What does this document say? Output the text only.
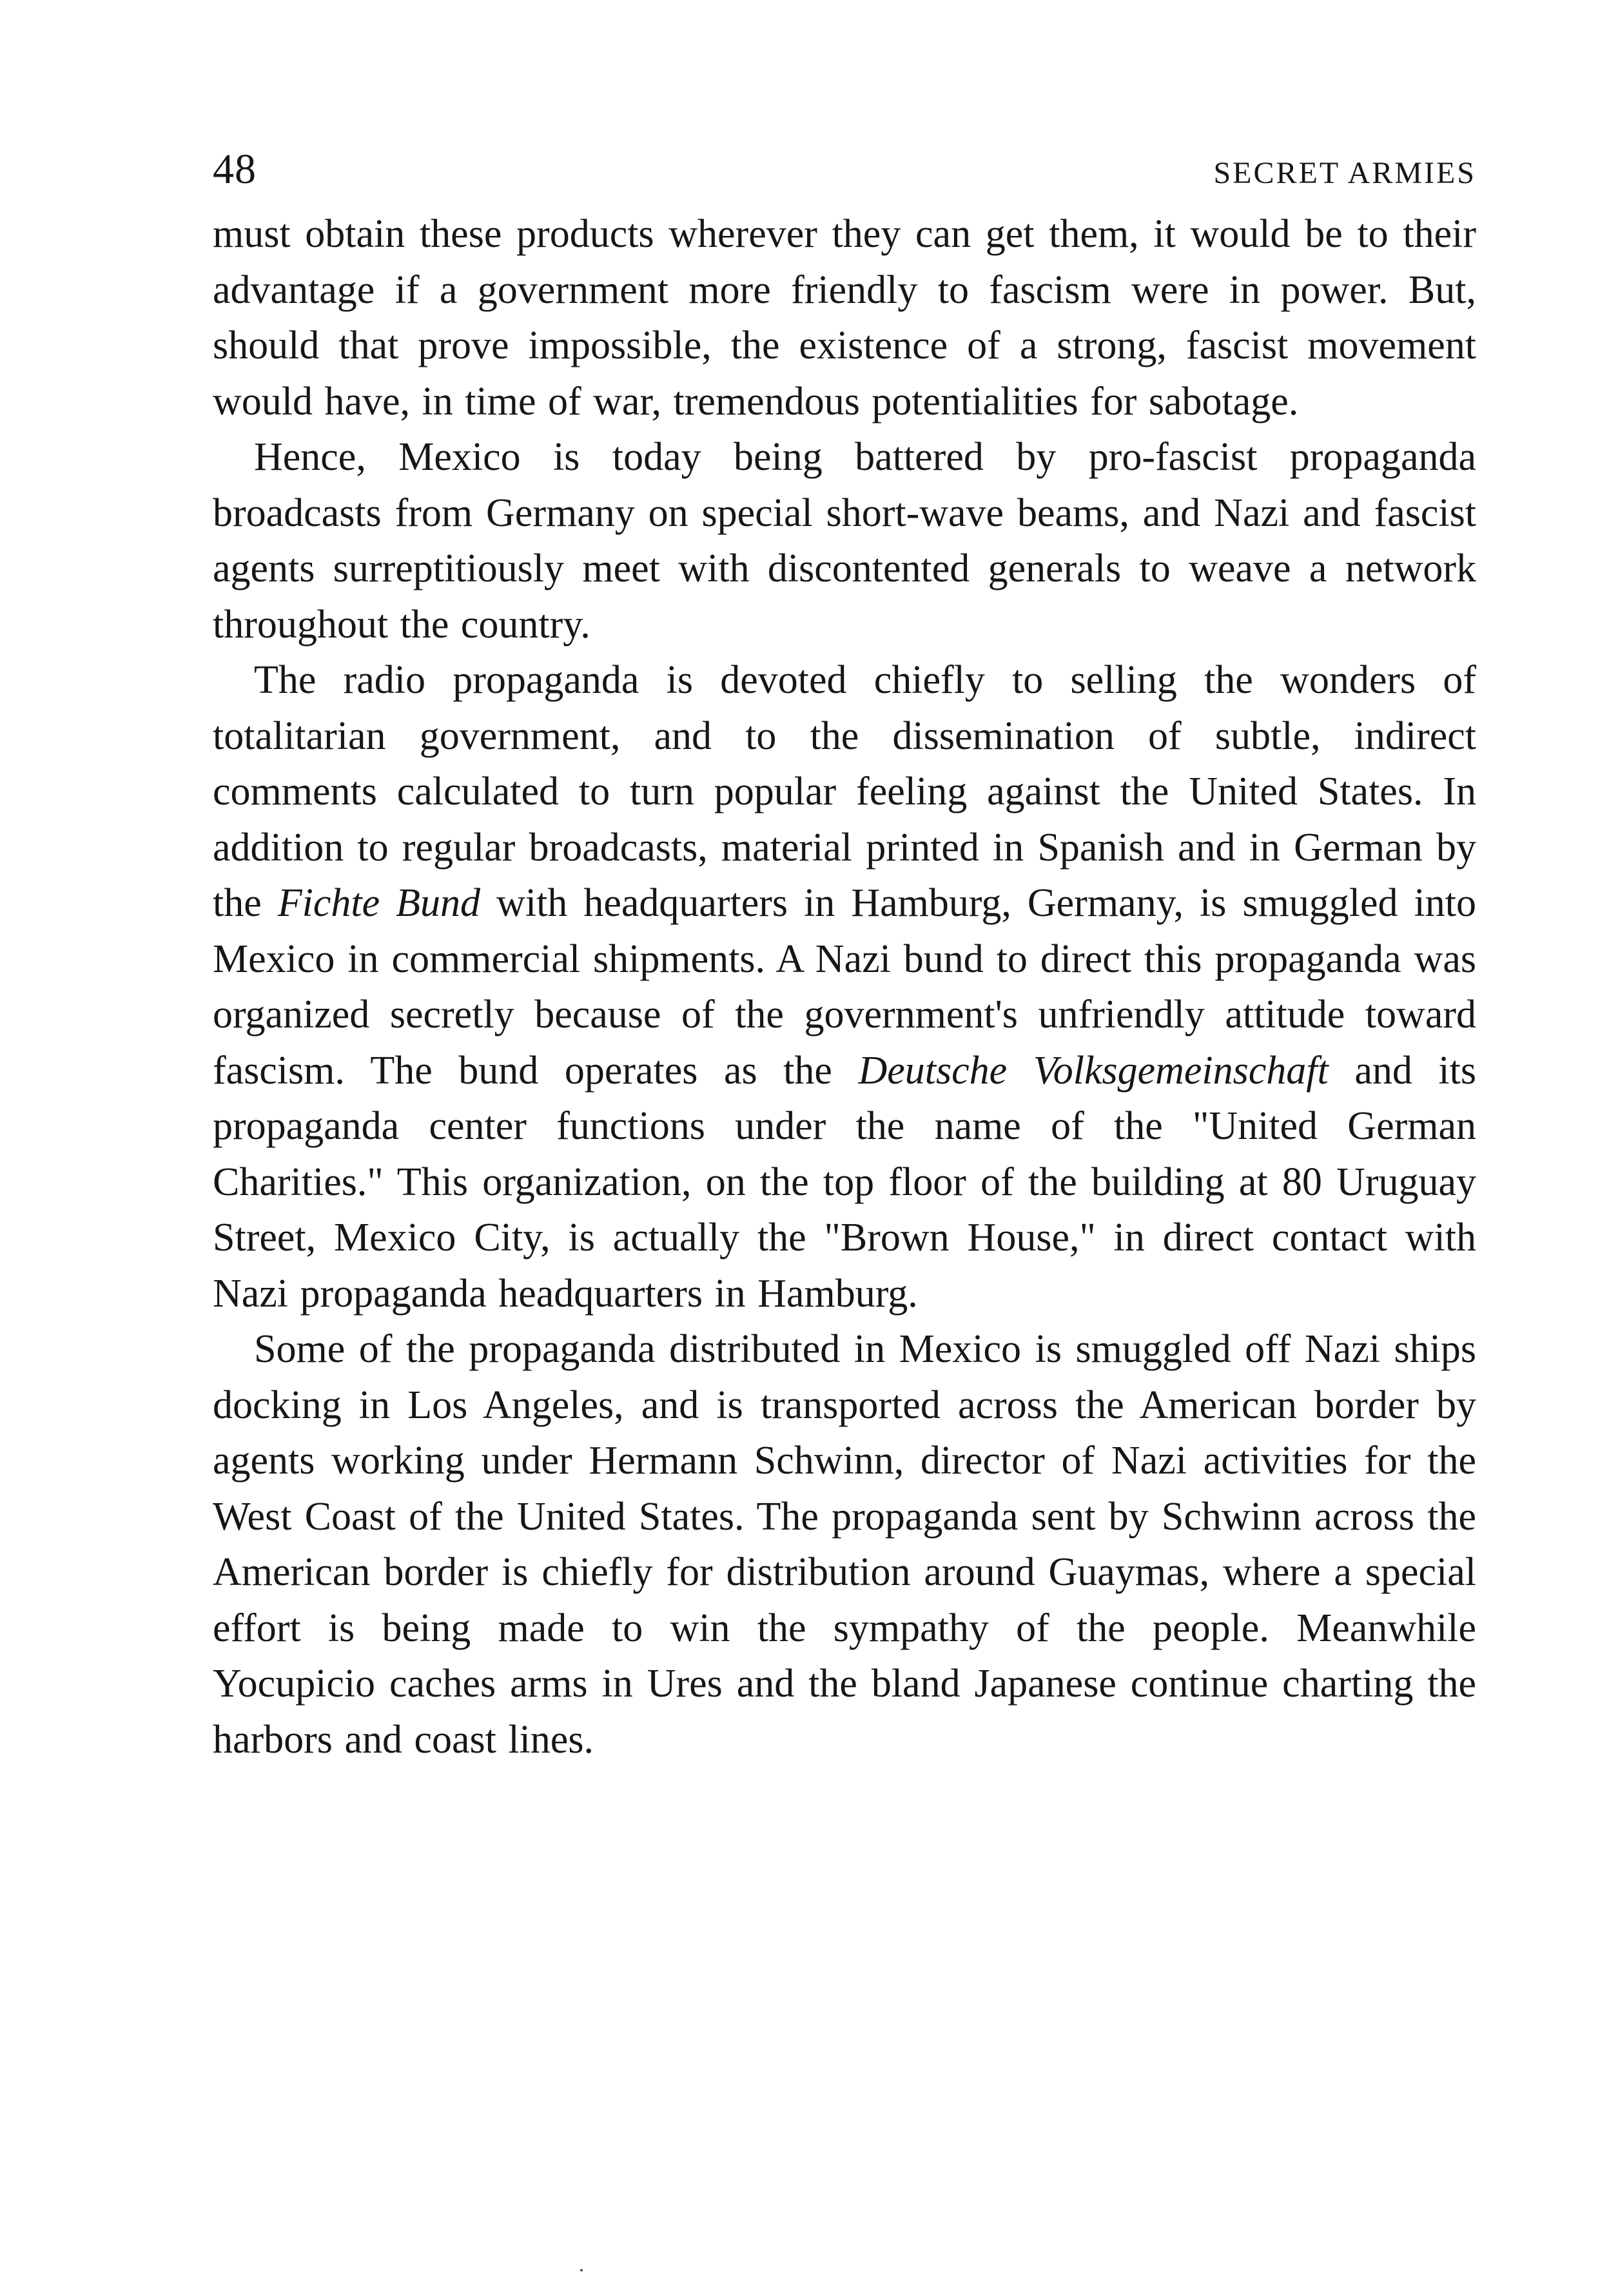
48	SECRET ARMIES

must obtain these products wherever they can get them, it would be to their advantage if a government more friendly to fascism were in power. But, should that prove impossible, the existence of a strong, fascist movement would have, in time of war, tremendous potentialities for sabotage.

Hence, Mexico is today being battered by pro-fascist propaganda broadcasts from Germany on special short-wave beams, and Nazi and fascist agents surreptitiously meet with discontented generals to weave a network throughout the country.

The radio propaganda is devoted chiefly to selling the wonders of totalitarian government, and to the dissemination of subtle, indirect comments calculated to turn popular feeling against the United States. In addition to regular broadcasts, material printed in Spanish and in German by the Fichte Bund with headquarters in Hamburg, Germany, is smuggled into Mexico in commercial shipments. A Nazi bund to direct this propaganda was organized secretly because of the government's unfriendly attitude toward fascism. The bund operates as the Deutsche Volksgemeinschaft and its propaganda center functions under the name of the "United German Charities." This organization, on the top floor of the building at 80 Uruguay Street, Mexico City, is actually the "Brown House," in direct contact with Nazi propaganda headquarters in Hamburg.

Some of the propaganda distributed in Mexico is smuggled off Nazi ships docking in Los Angeles, and is transported across the American border by agents working under Hermann Schwinn, director of Nazi activities for the West Coast of the United States. The propaganda sent by Schwinn across the American border is chiefly for distribution around Guaymas, where a special effort is being made to win the sympathy of the people. Meanwhile Yocupicio caches arms in Ures and the bland Japanese continue charting the harbors and coast lines.
